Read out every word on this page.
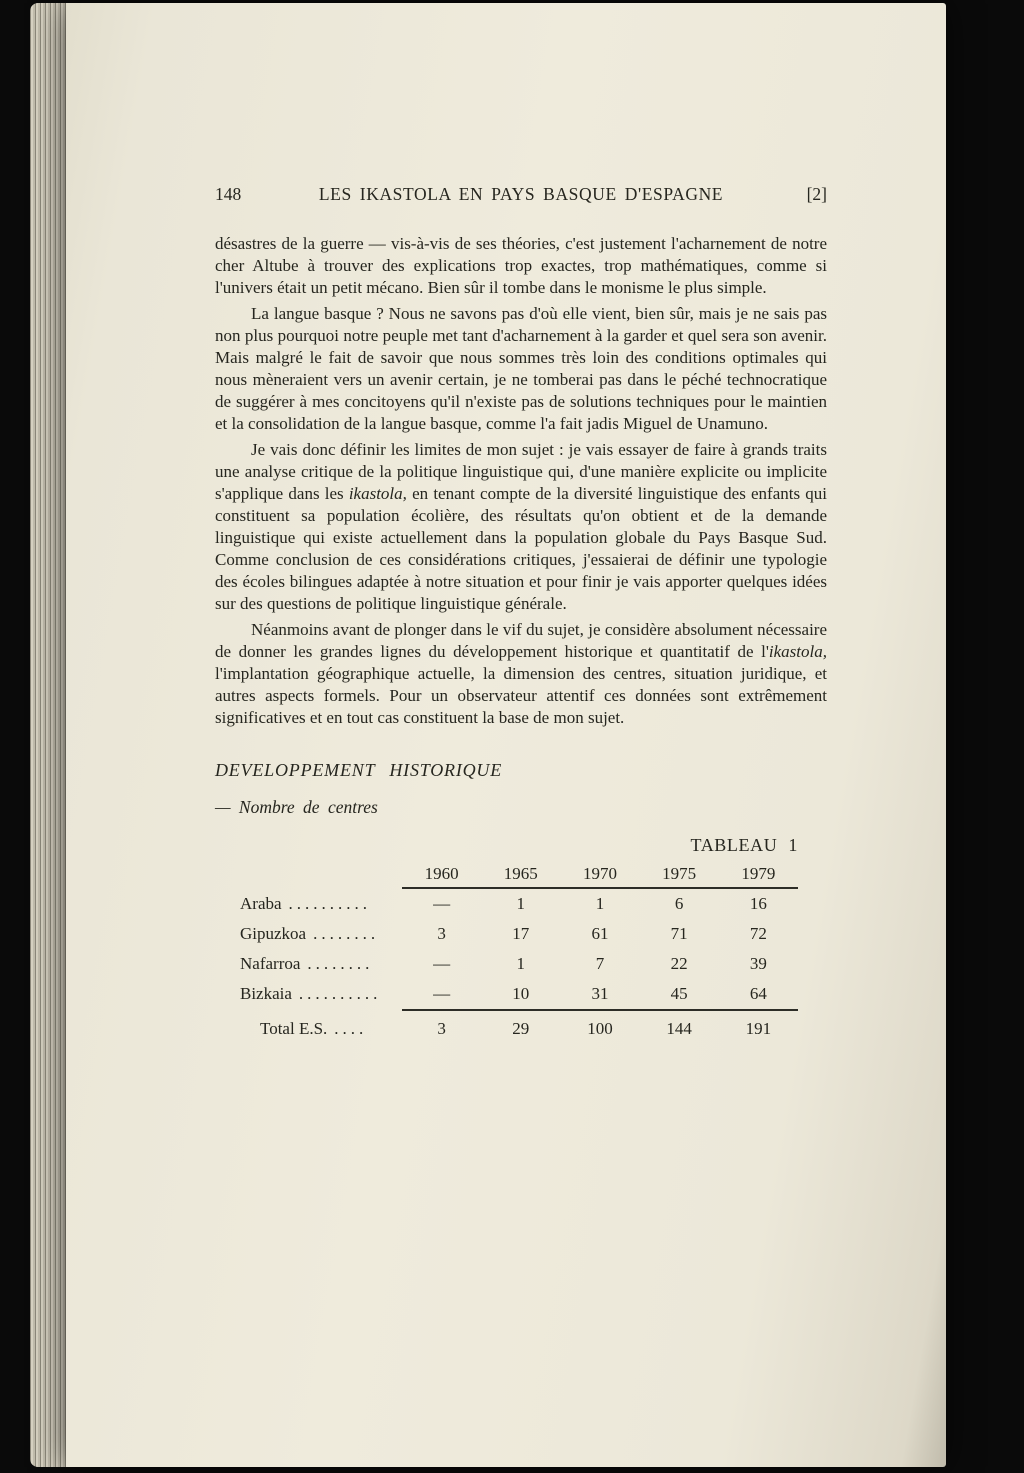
148	LES IKASTOLA EN PAYS BASQUE D'ESPAGNE	[2]

désastres de la guerre — vis-à-vis de ses théories, c'est justement l'acharnement de notre cher Altube à trouver des explications trop exactes, trop mathématiques, comme si l'univers était un petit mécano. Bien sûr il tombe dans le monisme le plus simple.

La langue basque ? Nous ne savons pas d'où elle vient, bien sûr, mais je ne sais pas non plus pourquoi notre peuple met tant d'acharnement à la garder et quel sera son avenir. Mais malgré le fait de savoir que nous sommes très loin des conditions optimales qui nous mèneraient vers un avenir certain, je ne tomberai pas dans le péché technocratique de suggérer à mes concitoyens qu'il n'existe pas de solutions techniques pour le maintien et la consolidation de la langue basque, comme l'a fait jadis Miguel de Unamuno.

Je vais donc définir les limites de mon sujet : je vais essayer de faire à grands traits une analyse critique de la politique linguistique qui, d'une manière explicite ou implicite s'applique dans les ikastola, en tenant compte de la diversité linguistique des enfants qui constituent sa population écolière, des résultats qu'on obtient et de la demande linguistique qui existe actuellement dans la population globale du Pays Basque Sud. Comme conclusion de ces considérations critiques, j'essaierai de définir une typologie des écoles bilingues adaptée à notre situation et pour finir je vais apporter quelques idées sur des questions de politique linguistique générale.

Néanmoins avant de plonger dans le vif du sujet, je considère absolument nécessaire de donner les grandes lignes du développement historique et quantitatif de l'ikastola, l'implantation géographique actuelle, la dimension des centres, situation juridique, et autres aspects formels. Pour un observateur attentif ces données sont extrêmement significatives et en tout cas constituent la base de mon sujet.

DEVELOPPEMENT HISTORIQUE
— Nombre de centres
TABLEAU 1
1960	1965	1970	1975	1979
Araba ..........	—	1	1	6	16
Gipuzkoa ........	3	17	61	71	72
Nafarroa ........	—	1	7	22	39
Bizkaia ..........	—	10	31	45	64
Total E.S. ....	3	29	100	144	191
